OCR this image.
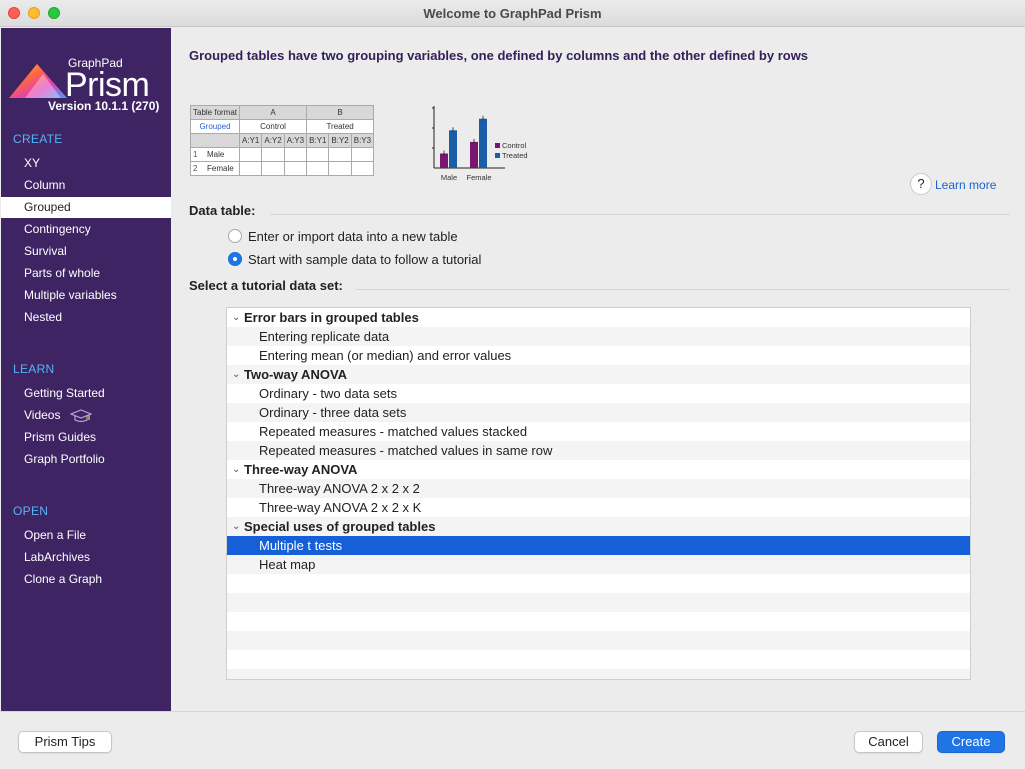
Welcome to GraphPad Prism
GraphPad
Prism
Version 10.1.1 (270)
CREATE
XY
Column
Grouped
Contingency
Survival
Parts of whole
Multiple variables
Nested
LEARN
Getting Started
Videos
Prism Guides
Graph Portfolio
OPEN
Open a File
LabArchives
Clone a Graph
Grouped tables have two grouping variables, one defined by columns and the other defined by rows
Table format	A			B		
Grouped	Control			Treated		
	A:Y1	A:Y2	A:Y3	B:Y1	B:Y2	B:Y3
1 Male						
2 Female						
Male Female
Control
Treated
? Learn more
Data table:
Enter or import data into a new table
Start with sample data to follow a tutorial
Select a tutorial data set:
⌄ Error bars in grouped tables
Entering replicate data
Entering mean (or median) and error values
⌄ Two-way ANOVA
Ordinary - two data sets
Ordinary - three data sets
Repeated measures - matched values stacked
Repeated measures - matched values in same row
⌄ Three-way ANOVA
Three-way ANOVA 2 x 2 x 2
Three-way ANOVA 2 x 2 x K
⌄ Special uses of grouped tables
Multiple t tests
Heat map
Prism Tips	Cancel	Create
